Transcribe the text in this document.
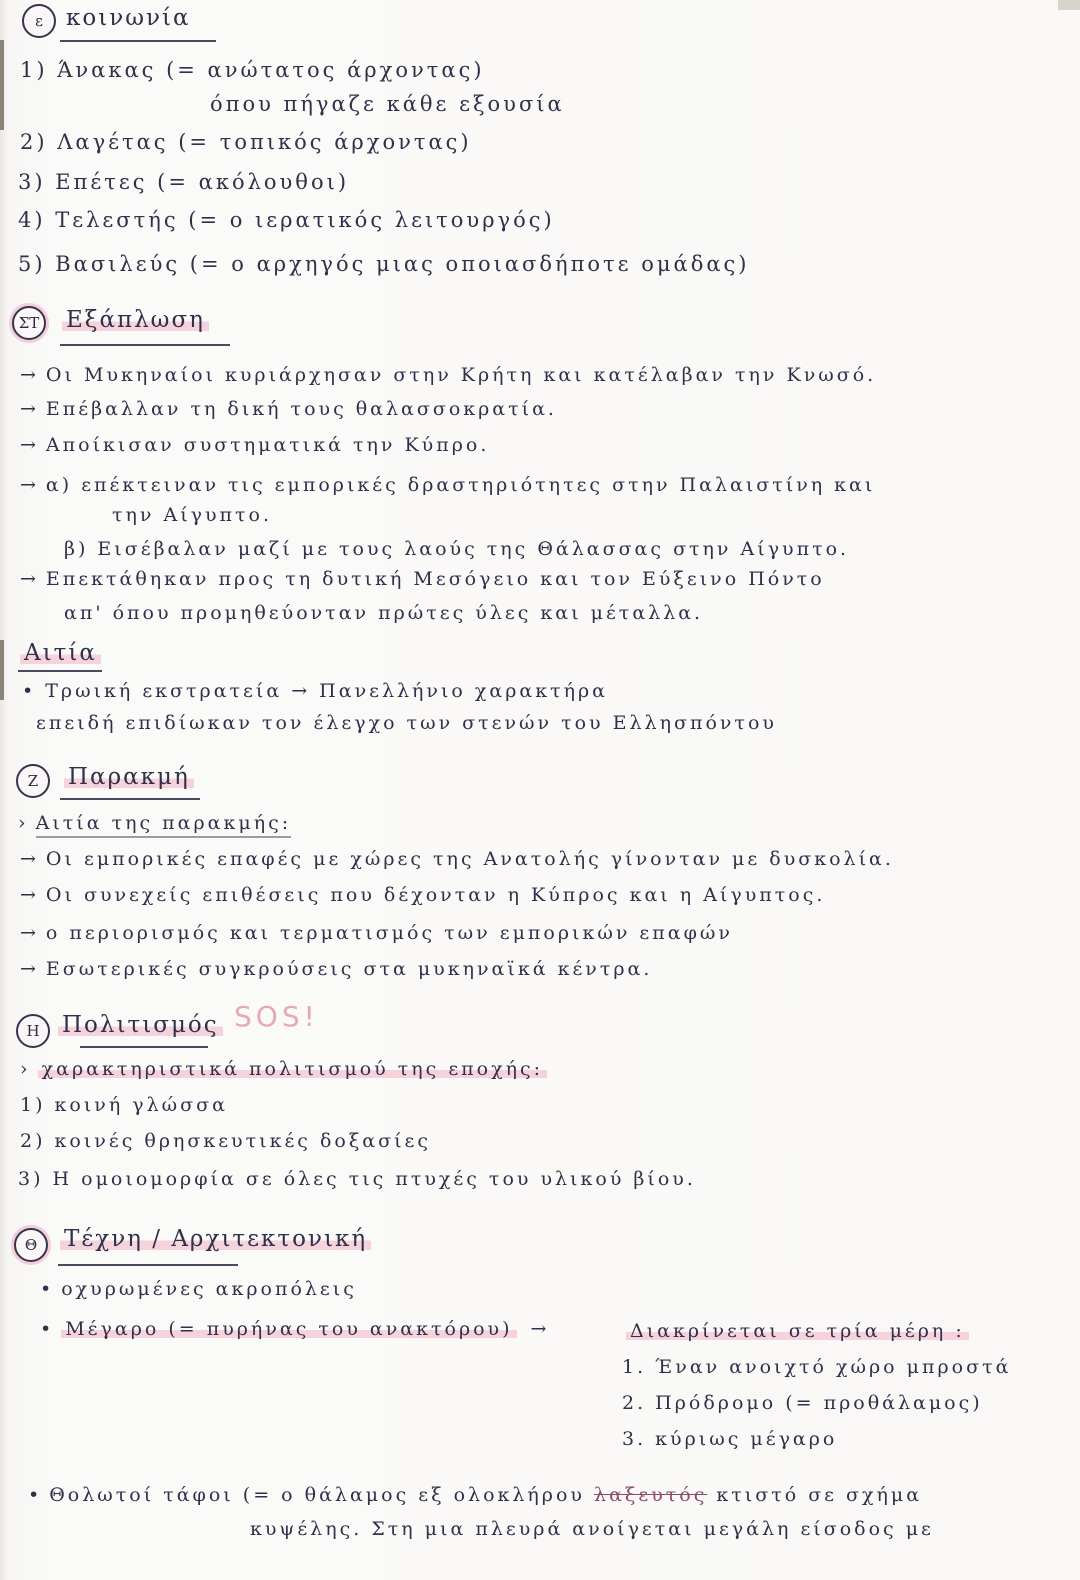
ε	κοινωνία
1) Άνακας (= ανώτατος άρχοντας)
όπου πήγαζε κάθε εξουσία
2) Λαγέτας (= τοπικός άρχοντας)
3) Επέτες (= ακόλουθοι)
4) Τελεστής (= ο ιερατικός λειτουργός)
5) Βασιλεύς (= ο αρχηγός μιας οποιασδήποτε ομάδας)
ΣΤ Εξάπλωση
→ Οι Μυκηναίοι κυριάρχησαν στην Κρήτη και κατέλαβαν την Κνωσό.
→ Επέβαλλαν τη δική τους θαλασσοκρατία.
→ Αποίκισαν συστηματικά την Κύπρο.
→ α) επέκτειναν τις εμπορικές δραστηριότητες στην Παλαιστίνη και
την Αίγυπτο.
β) Εισέβαλαν μαζί με τους λαούς της Θάλασσας στην Αίγυπτο.
→ Επεκτάθηκαν προς τη δυτική Μεσόγειο και τον Εύξεινο Πόντο
απ' όπου προμηθεύονταν πρώτες ύλες και μέταλλα.
Αιτία
• Τρωική εκστρατεία → Πανελλήνιο χαρακτήρα
επειδή επιδίωκαν τον έλεγχο των στενών του Ελλησπόντου
Ζ	Παρακμή
› Αιτία της παρακμής:
→ Οι εμπορικές επαφές με χώρες της Ανατολής γίνονταν με δυσκολία.
→ Οι συνεχείς επιθέσεις που δέχονταν η Κύπρος και η Αίγυπτος.
→ ο περιορισμός και τερματισμός των εμπορικών επαφών
→ Εσωτερικές συγκρούσεις στα μυκηναϊκά κέντρα.
Η Πολιτισμός SOS!
› χαρακτηριστικά πολιτισμού της εποχής:
1) κοινή γλώσσα
2) κοινές θρησκευτικές δοξασίες
3) Η ομοιομορφία σε όλες τις πτυχές του υλικού βίου.
Θ	Τέχνη / Αρχιτεκτονική
• οχυρωμένες ακροπόλεις
• Μέγαρο (= πυρήνας του ανακτόρου) →	Διακρίνεται σε τρία μέρη :
1. Έναν ανοιχτό χώρο μπροστά
2. Πρόδρομο (= προθάλαμος)
3. κύριως μέγαρο
• Θολωτοί τάφοι (= ο θάλαμος εξ ολοκλήρου λαξευτός κτιστό σε σχήμα
κυψέλης. Στη μια πλευρά ανοίγεται μεγάλη είσοδος με
